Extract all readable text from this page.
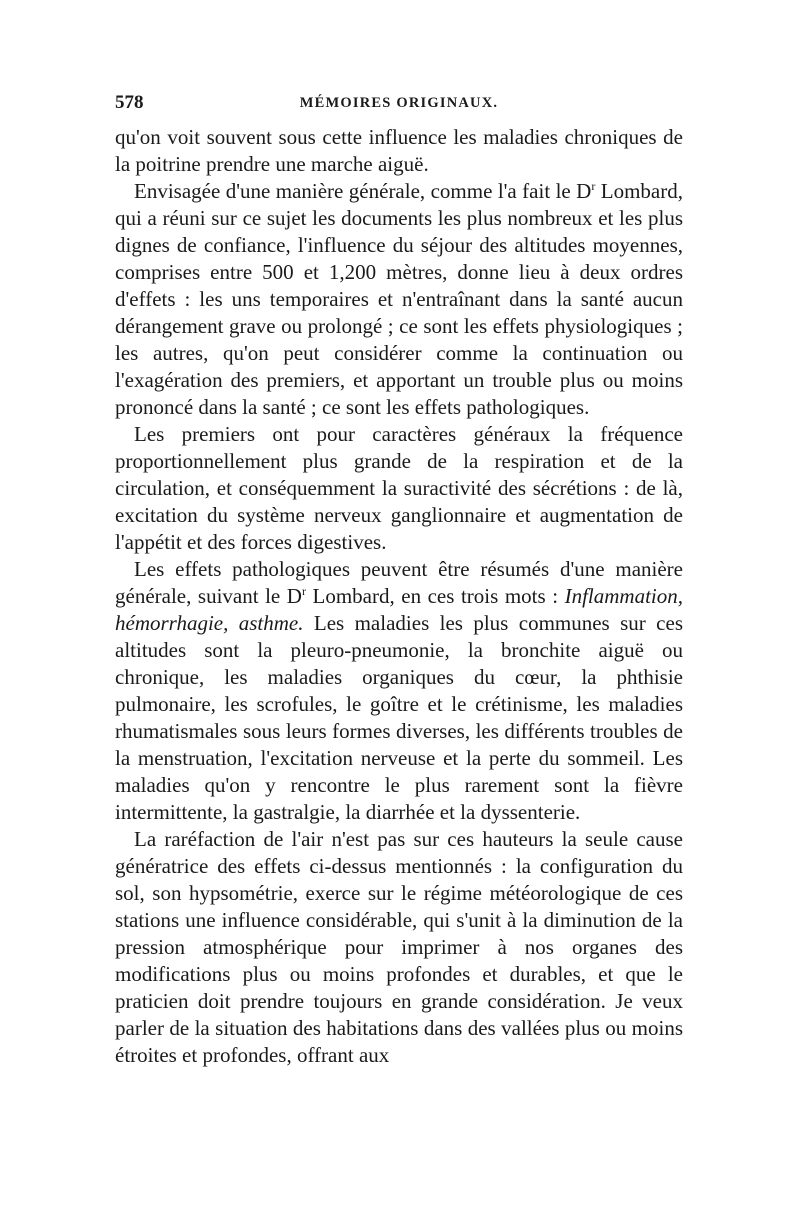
578	MÉMOIRES ORIGINAUX.

qu'on voit souvent sous cette influence les maladies chroniques de la poitrine prendre une marche aiguë.

Envisagée d'une manière générale, comme l'a fait le $D^r$ Lombard, qui a réuni sur ce sujet les documents les plus nombreux et les plus dignes de confiance, l'influence du séjour des altitudes moyennes, comprises entre 500 et 1,200 mètres, donne lieu à deux ordres d'effets : les uns temporaires et n'entraînant dans la santé aucun dérangement grave ou prolongé ; ce sont les effets physiologiques ; les autres, qu'on peut considérer comme la continuation ou l'exagération des premiers, et apportant un trouble plus ou moins prononcé dans la santé ; ce sont les effets pathologiques.

Les premiers ont pour caractères généraux la fréquence proportionnellement plus grande de la respiration et de la circulation, et conséquemment la suractivité des sécrétions : de là, excitation du système nerveux ganglionnaire et augmentation de l'appétit et des forces digestives.

Les effets pathologiques peuvent être résumés d'une manière générale, suivant le $D^r$ Lombard, en ces trois mots : Inflammation, hémorrhagie, asthme. Les maladies les plus communes sur ces altitudes sont la pleuro-pneumonie, la bronchite aiguë ou chronique, les maladies organiques du cœur, la phthisie pulmonaire, les scrofules, le goître et le crétinisme, les maladies rhumatismales sous leurs formes diverses, les différents troubles de la menstruation, l'excitation nerveuse et la perte du sommeil. Les maladies qu'on y rencontre le plus rarement sont la fièvre intermittente, la gastralgie, la diarrhée et la dyssenterie.

La raréfaction de l'air n'est pas sur ces hauteurs la seule cause génératrice des effets ci-dessus mentionnés : la configuration du sol, son hypsométrie, exerce sur le régime météorologique de ces stations une influence considérable, qui s'unit à la diminution de la pression atmosphérique pour imprimer à nos organes des modifications plus ou moins profondes et durables, et que le praticien doit prendre toujours en grande considération. Je veux parler de la situation des habitations dans des vallées plus ou moins étroites et profondes, offrant aux
